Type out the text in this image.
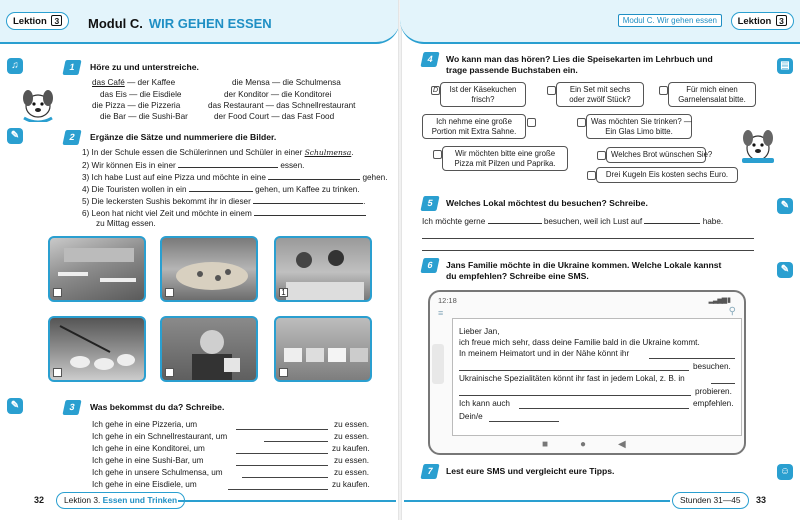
Lektion 3	Modul C. WIR GEHEN ESSEN
♫	1	Höre zu und unterstreiche.
das Café — der Kaffee	die Mensa — die Schulmensa
das Eis — die Eisdiele	der Konditor — die Konditorei
die Pizza — die Pizzeria	das Restaurant — das Schnellrestaurant
die Bar — die Sushi-Bar	der Food Court — das Fast Food
✎	2	Ergänze die Sätze und nummeriere die Bilder.
1) In der Schule essen die Schülerinnen und Schüler in einer Schulmensa.
2) Wir können Eis in einer	essen.
3) Ich habe Lust auf eine Pizza und möchte in eine	gehen.
4) Die Touristen wollen in ein	gehen, um Kaffee zu trinken.
5) Die leckersten Sushis bekommt ihr in dieser	.
6) Leon hat nicht viel Zeit und möchte in einem
zu Mittag essen.
1
✎	3	Was bekommst du da? Schreibe.
Ich gehe in eine Pizzeria, um	zu essen.
Ich gehe in ein Schnellrestaurant, um	zu essen.
Ich gehe in eine Konditorei, um	zu kaufen.
Ich gehe in eine Sushi-Bar, um	zu essen.
Ich gehe in unsere Schulmensa, um	zu essen.
Ich gehe in eine Eisdiele, um	zu kaufen.
32	Lektion 3. Essen und Trinken
Modul C. Wir gehen essen	Lektion 3
▤
4	Wo kann man das hören? Lies die Speisekarten im Lehrbuch und
trage passende Buchstaben ein.
D Ist der Käsekuchen
frisch?
Ein Set mit sechs
oder zwölf Stück?
Für mich einen
Garnelensalat bitte.
Ich nehme eine große
Portion mit Extra Sahne.
Was möchten Sie trinken? —
Ein Glas Limo bitte.
Wir möchten bitte eine große
Pizza mit Pilzen und Paprika.
Welches Brot wünschen Sie?
Drei Kugeln Eis kosten sechs Euro.
✎
5	Welches Lokal möchtest du besuchen? Schreibe.
Ich möchte gerne	besuchen, weil ich Lust auf	habe.
✎
6	Jans Familie möchte in die Ukraine kommen. Welche Lokale kannst
du empfehlen? Schreibe eine SMS.
12:18	▂▃▅▆ ▮
≡	⚲
Lieber Jan,
ich freue mich sehr, dass deine Familie bald in die Ukraine kommt.
In meinem Heimatort und in der Nähe könnt ihr
besuchen.
Ukrainische Spezialitäten könnt ihr fast in jedem Lokal, z. B. in
probieren.
Ich kann auch	empfehlen.
Dein/e
■	●	◀
☺
7	Lest eure SMS und vergleicht eure Tipps.
Stunden 31—45	33
